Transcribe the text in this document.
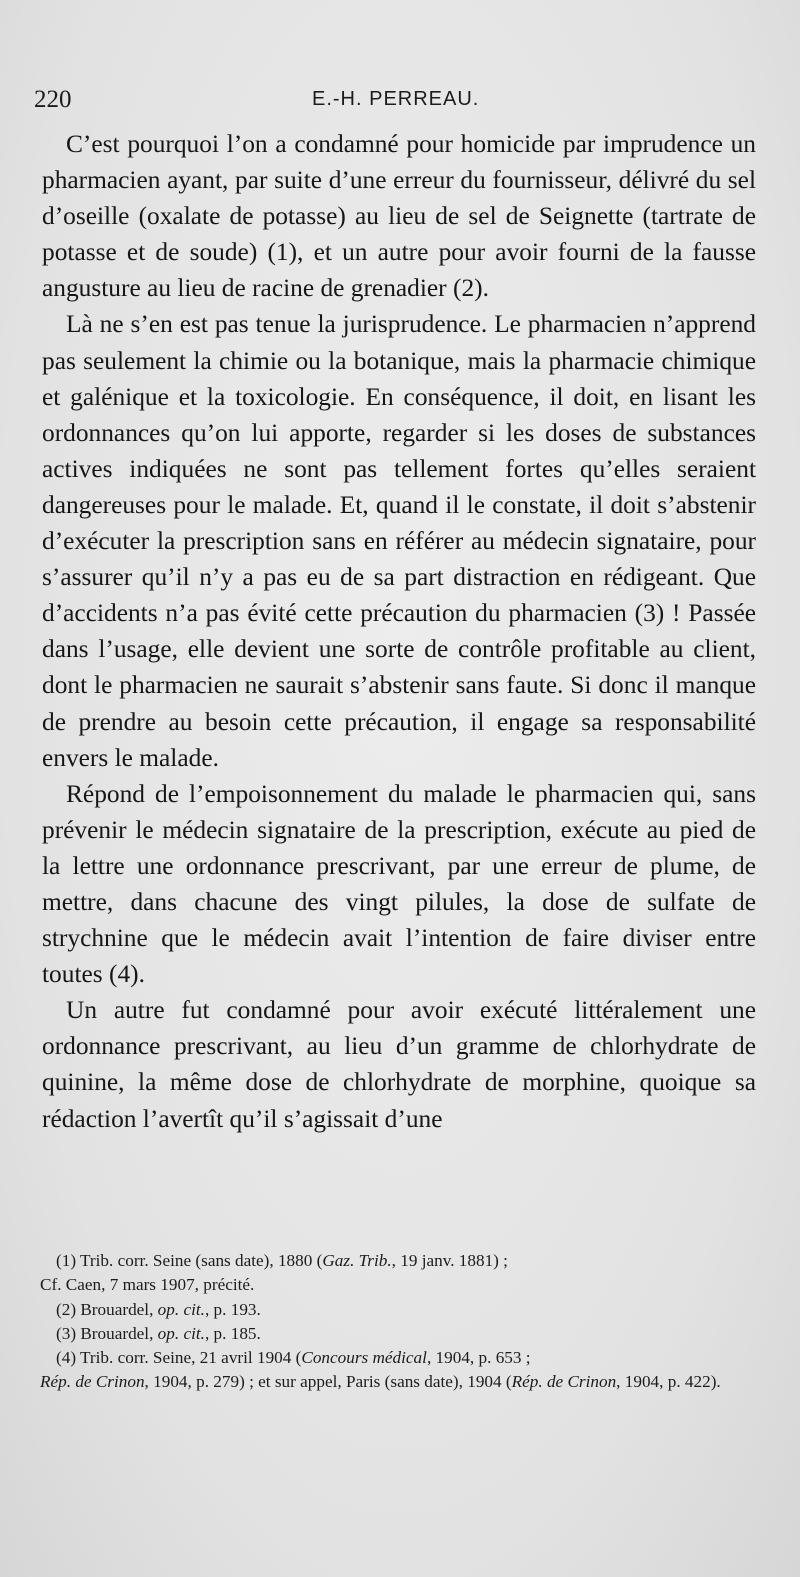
220	E.-H. PERREAU.

C’est pourquoi l’on a condamné pour homicide par imprudence un pharmacien ayant, par suite d’une erreur du fournisseur, délivré du sel d’oseille (oxalate de potasse) au lieu de sel de Seignette (tartrate de potasse et de soude) (1), et un autre pour avoir fourni de la fausse angusture au lieu de racine de grenadier (2).

Là ne s’en est pas tenue la jurisprudence. Le pharmacien n’apprend pas seulement la chimie ou la botanique, mais la pharmacie chimique et galénique et la toxicologie. En conséquence, il doit, en lisant les ordonnances qu’on lui apporte, regarder si les doses de substances actives indiquées ne sont pas tellement fortes qu’elles seraient dangereuses pour le malade. Et, quand il le constate, il doit s’abstenir d’exécuter la prescription sans en référer au médecin signataire, pour s’assurer qu’il n’y a pas eu de sa part distraction en rédigeant. Que d’accidents n’a pas évité cette précaution du pharmacien (3) ! Passée dans l’usage, elle devient une sorte de contrôle profitable au client, dont le pharmacien ne saurait s’abstenir sans faute. Si donc il manque de prendre au besoin cette précaution, il engage sa responsabilité envers le malade.

Répond de l’empoisonnement du malade le pharmacien qui, sans prévenir le médecin signataire de la prescription, exécute au pied de la lettre une ordonnance prescrivant, par une erreur de plume, de mettre, dans chacune des vingt pilules, la dose de sulfate de strychnine que le médecin avait l’intention de faire diviser entre toutes (4).

Un autre fut condamné pour avoir exécuté littéralement une ordonnance prescrivant, au lieu d’un gramme de chlorhydrate de quinine, la même dose de chlorhydrate de morphine, quoique sa rédaction l’avertît qu’il s’agissait d’une

(1) Trib. corr. Seine (sans date), 1880 (Gaz. Trib., 19 janv. 1881) ;

Cf. Caen, 7 mars 1907, précité.

(2) Brouardel, op. cit., p. 193.

(3) Brouardel, op. cit., p. 185.

(4) Trib. corr. Seine, 21 avril 1904 (Concours médical, 1904, p. 653 ;

Rép. de Crinon, 1904, p. 279) ; et sur appel, Paris (sans date), 1904 (Rép. de Crinon, 1904, p. 422).
